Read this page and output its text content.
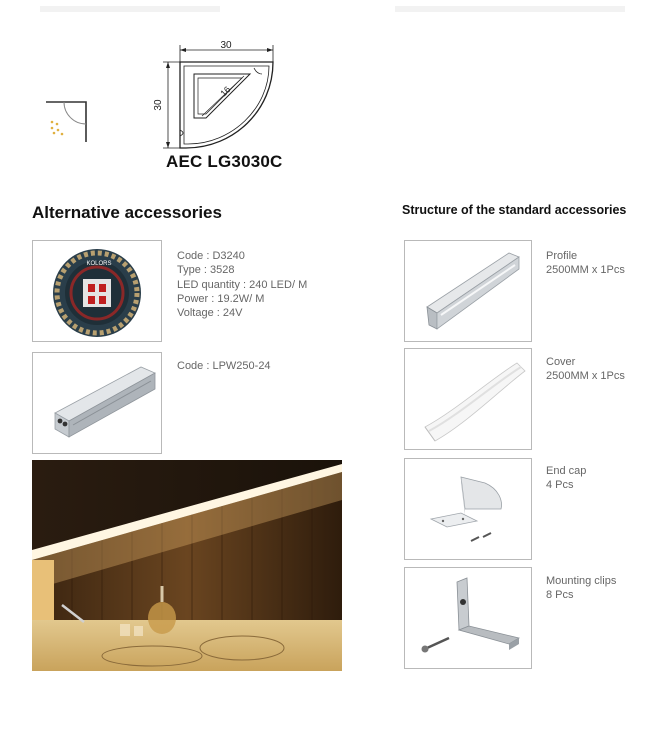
30
30
16
AEC LG3030C
Alternative accessories	Structure of the standard accessories
KOLORS
Code : D3240
Type : 3528
LED quantity : 240 LED/ M
Power : 19.2W/ M
Voltage : 24V
Code : LPW250-24
Profile
2500MM x 1Pcs
Cover
2500MM x 1Pcs
End cap
4 Pcs
Mounting clips
8 Pcs
